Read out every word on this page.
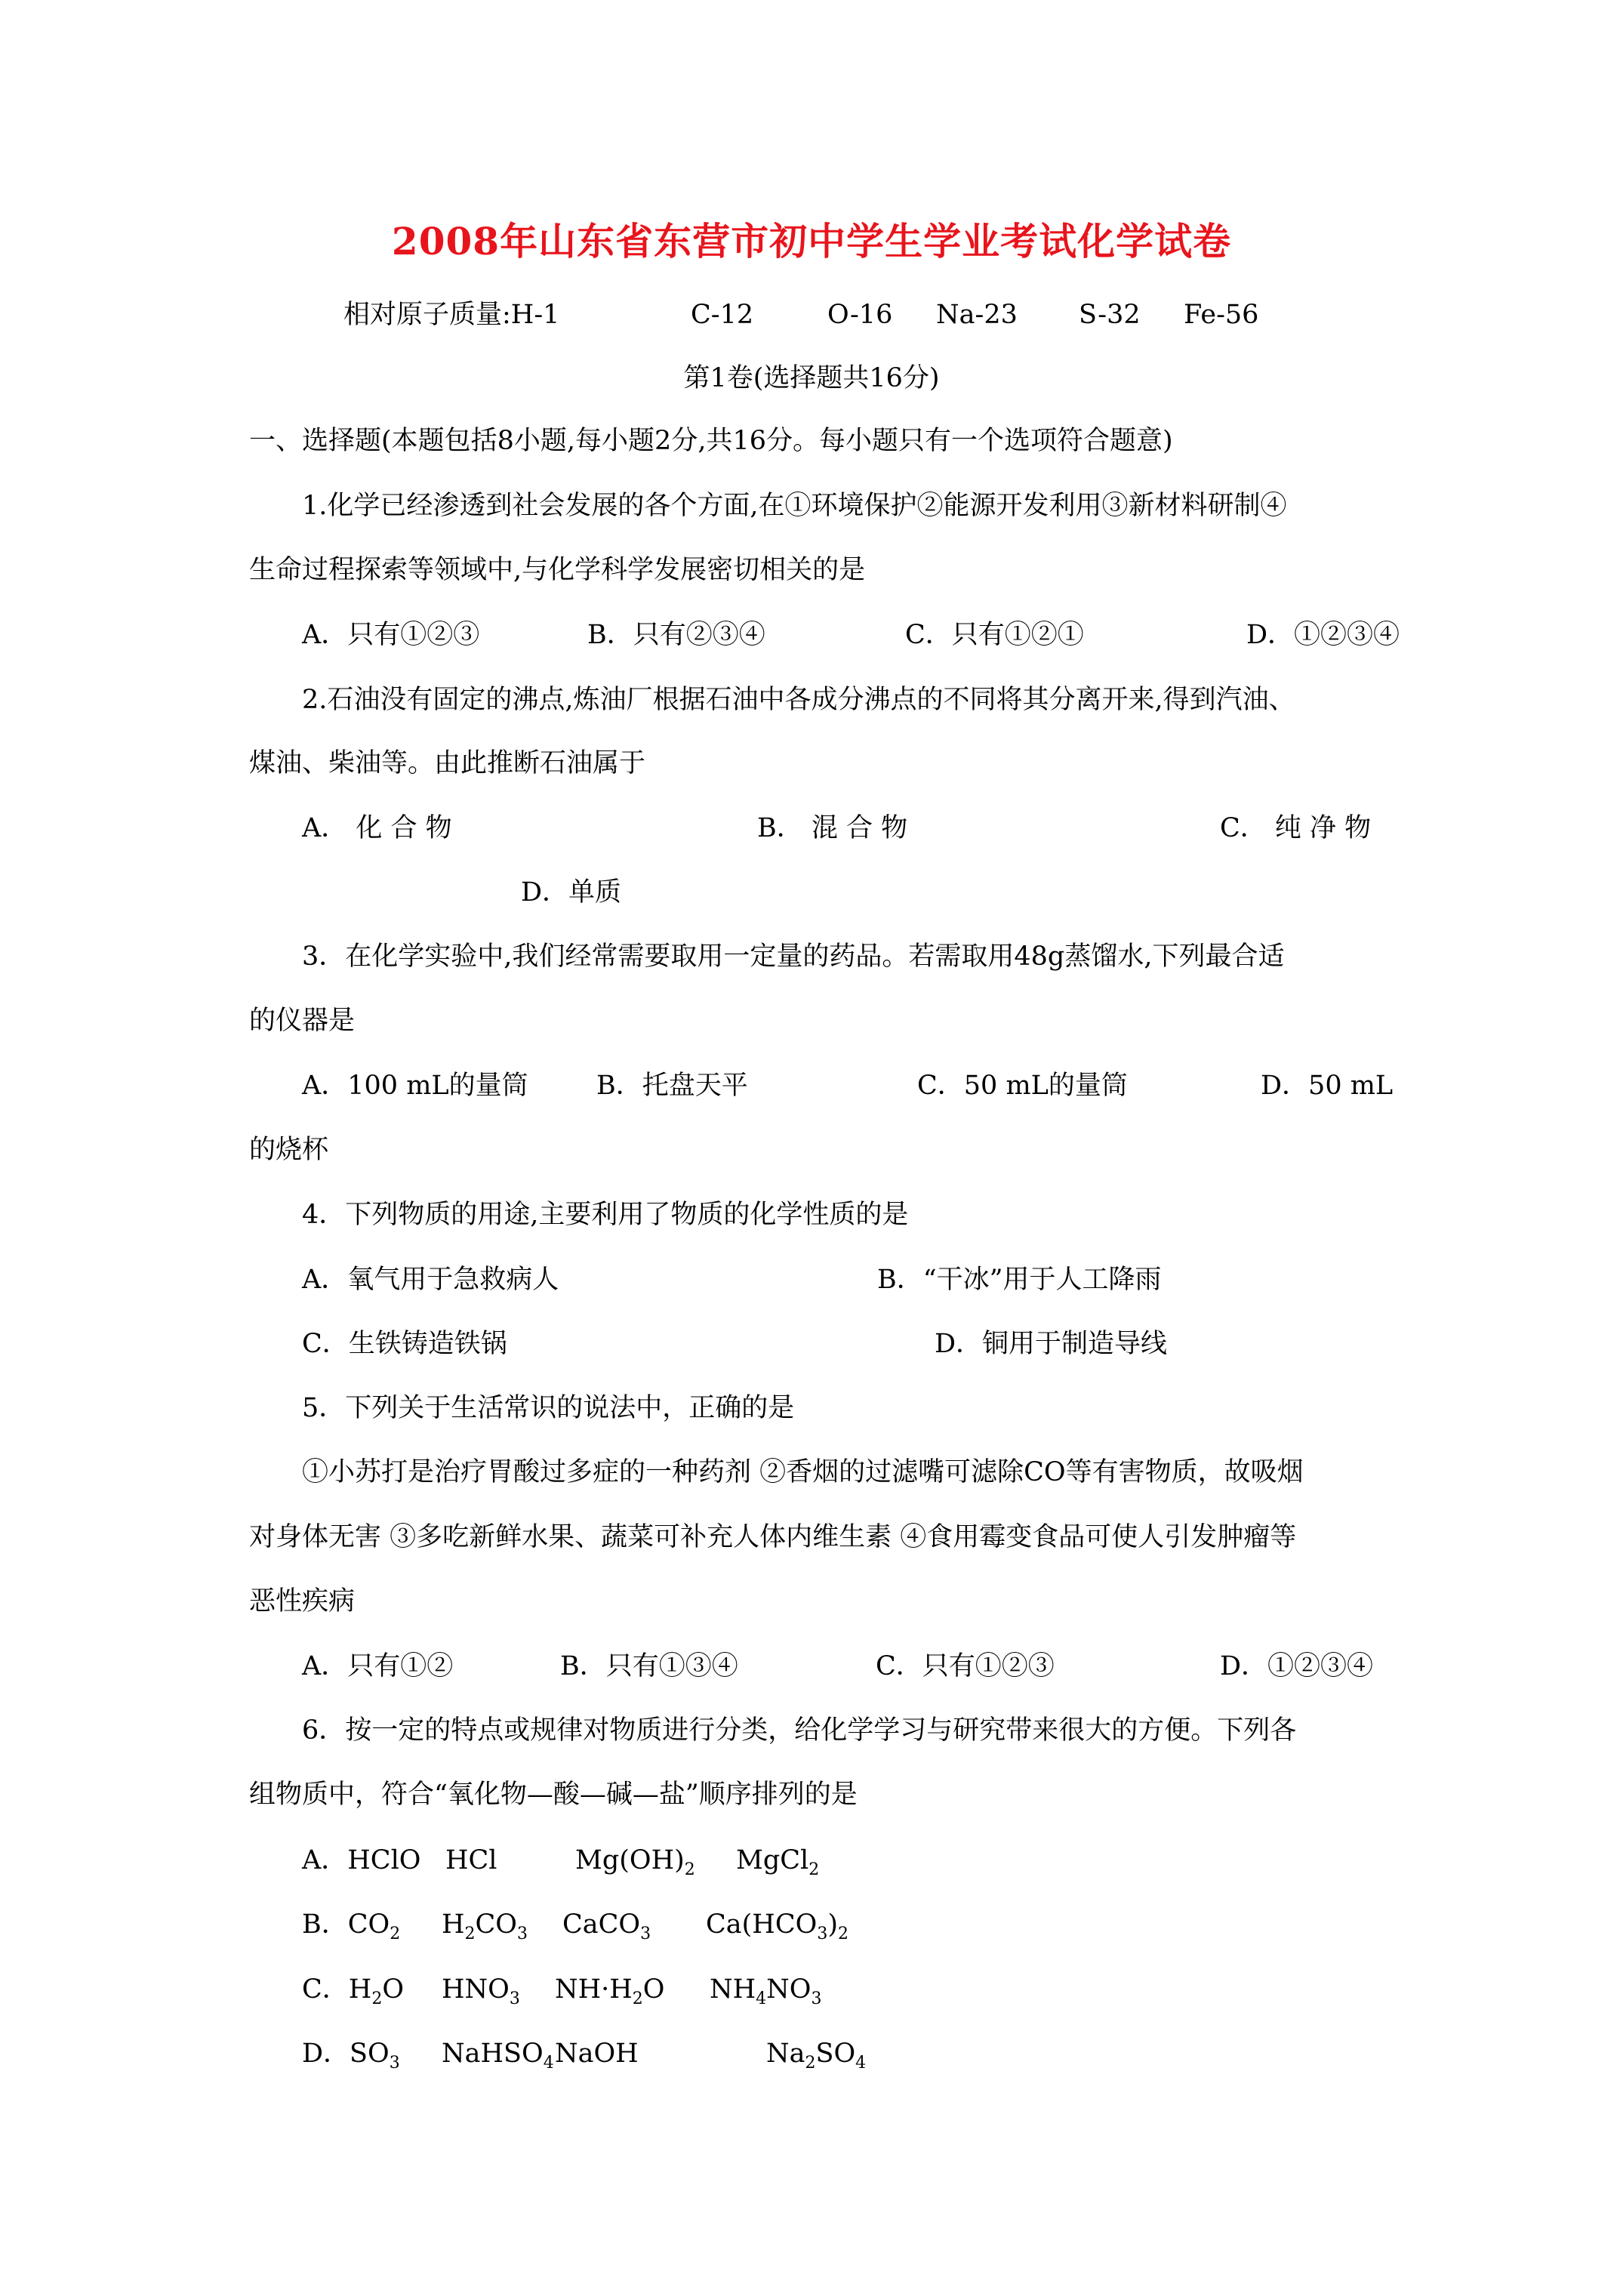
2008年山东省东营市初中学生学业考试化学试卷
相对原子质量:H-1	C-12	O-16 Na-23 S-32 Fe-56
第1卷(选择题共16分)
一、选择题(本题包括8小题,每小题2分,共16分。每小题只有一个选项符合题意)
1.化学已经渗透到社会发展的各个方面,在①环境保护②能源开发利用③新材料研制④
生命过程探索等领域中,与化学科学发展密切相关的是
A．只有①②③	B．只有②③④	C．只有①②①	D．①②③④
2.石油没有固定的沸点,炼油厂根据石油中各成分沸点的不同将其分离开来,得到汽油、
煤油、柴油等。由此推断石油属于
A． 化 合 物	B． 混 合 物	C． 纯 净 物
D．单质
3．在化学实验中,我们经常需要取用一定量的药品。若需取用48g蒸馏水,下列最合适
的仪器是
A．100 mL的量筒	B．托盘天平	C．50 mL的量筒	D．50 mL
的烧杯
4．下列物质的用途,主要利用了物质的化学性质的是
A．氧气用于急救病人	B．“干冰”用于人工降雨
C．生铁铸造铁锅	D．铜用于制造导线
5．下列关于生活常识的说法中，正确的是
①小苏打是治疗胃酸过多症的一种药剂 ②香烟的过滤嘴可滤除CO等有害物质，故吸烟
对身体无害 ③多吃新鲜水果、蔬菜可补充人体内维生素 ④食用霉变食品可使人引发肿瘤等
恶性疾病
A．只有①②	B．只有①③④	C．只有①②③	D．①②③④
6．按一定的特点或规律对物质进行分类，给化学学习与研究带来很大的方便。下列各
组物质中，符合“氧化物—酸—碱—盐”顺序排列的是
A．HClO HCl	$Mg(OH)_2$ MgCl$_2$
B．$CO_2$ $H_2CO_3$ CaCO$_3$ $Ca(HCO_3)_2$
C．$H_2O$ $HNO_3$ $NH\cdot H_2O$ $NH_4NO_3$
D．$SO_3$ NaHSO$_4$ NaOH	$Na_2SO_4$
